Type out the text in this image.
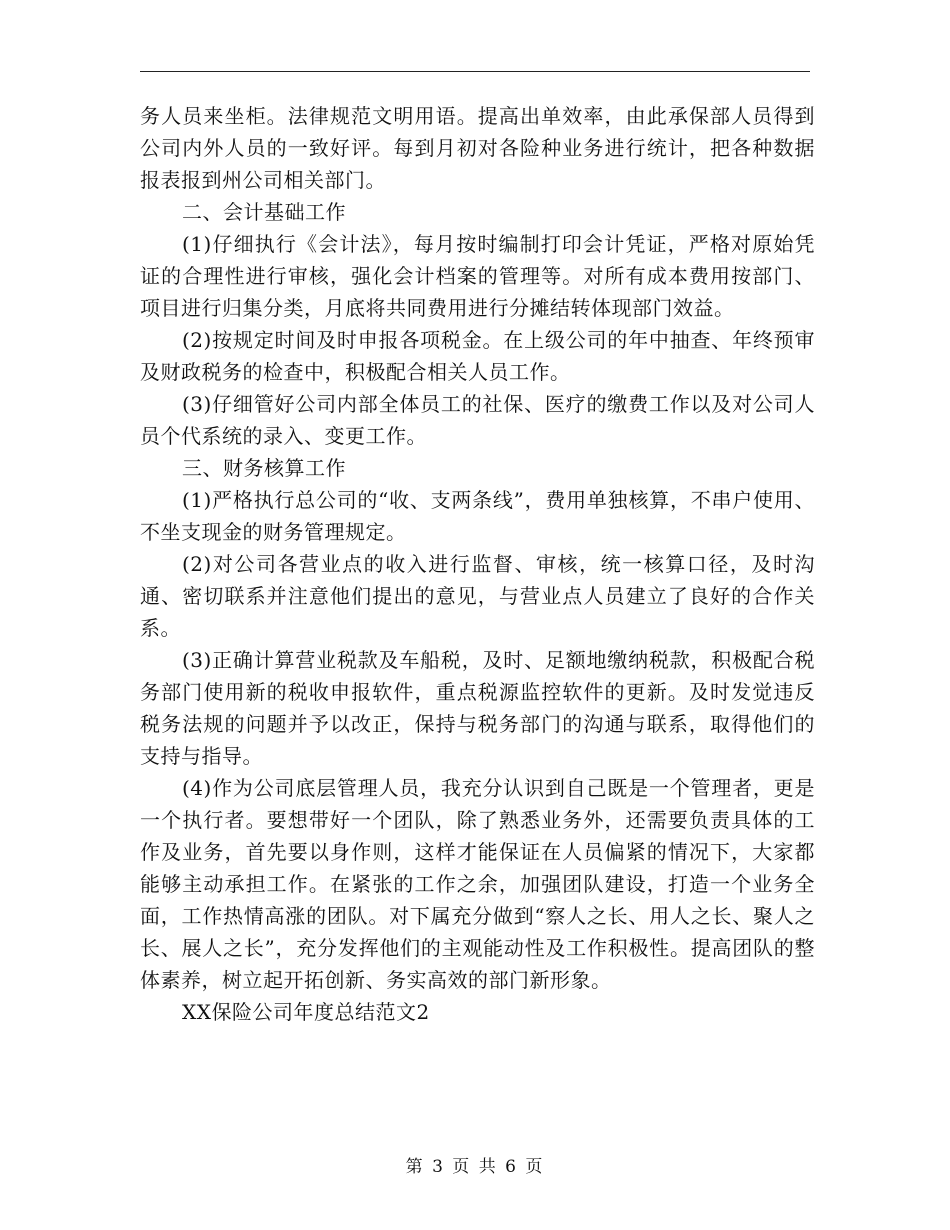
务人员来坐柜。法律规范文明用语。提高出单效率，由此承保部人员得到公司内外人员的一致好评。每到月初对各险种业务进行统计，把各种数据报表报到州公司相关部门。

二、会计基础工作

(1)仔细执行《会计法》，每月按时编制打印会计凭证，严格对原始凭证的合理性进行审核，强化会计档案的管理等。对所有成本费用按部门、项目进行归集分类，月底将共同费用进行分摊结转体现部门效益。

(2)按规定时间及时申报各项税金。在上级公司的年中抽查、年终预审及财政税务的检查中，积极配合相关人员工作。

(3)仔细管好公司内部全体员工的社保、医疗的缴费工作以及对公司人员个代系统的录入、变更工作。

三、财务核算工作

(1)严格执行总公司的“收、支两条线”，费用单独核算，不串户使用、不坐支现金的财务管理规定。

(2)对公司各营业点的收入进行监督、审核，统一核算口径，及时沟通、密切联系并注意他们提出的意见，与营业点人员建立了良好的合作关系。

(3)正确计算营业税款及车船税，及时、足额地缴纳税款，积极配合税务部门使用新的税收申报软件，重点税源监控软件的更新。及时发觉违反税务法规的问题并予以改正，保持与税务部门的沟通与联系，取得他们的支持与指导。

(4)作为公司底层管理人员，我充分认识到自己既是一个管理者，更是一个执行者。要想带好一个团队，除了熟悉业务外，还需要负责具体的工作及业务，首先要以身作则，这样才能保证在人员偏紧的情况下，大家都能够主动承担工作。在紧张的工作之余，加强团队建设，打造一个业务全面，工作热情高涨的团队。对下属充分做到“察人之长、用人之长、聚人之长、展人之长”，充分发挥他们的主观能动性及工作积极性。提高团队的整体素养，树立起开拓创新、务实高效的部门新形象。

XX保险公司年度总结范文2

第 3 页 共 6 页
